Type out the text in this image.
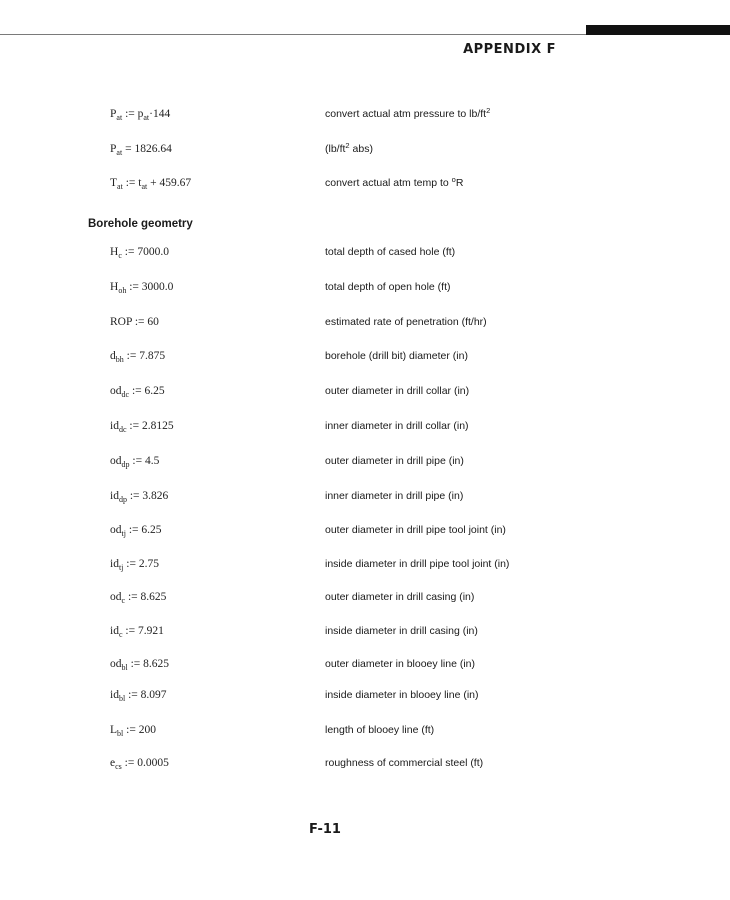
APPENDIX F
$P_{at}$ := $p_{at}\cdot 144$	convert actual atm pressure to $lb/ft^2$
$P_{at} = 1826.64$	($lb/ft^2$ abs)
$T_{at}$ := $t_{at} + 459.67$	convert actual atm temp to $^o$R
Borehole geometry
$H_c$ := 7000.0	total depth of cased hole (ft)
$H_{oh}$ := 3000.0	total depth of open hole (ft)
ROP := 60	estimated rate of penetration (ft/hr)
$d_{bh}$ := 7.875	borehole (drill bit) diameter (in)
$od_{dc}$ := 6.25	outer diameter in drill collar (in)
$id_{dc}$ := 2.8125	inner diameter in drill collar (in)
$od_{dp}$ := 4.5	outer diameter in drill pipe (in)
$id_{dp}$ := 3.826	inner diameter in drill pipe (in)
$od_{tj}$ := 6.25	outer diameter in drill pipe tool joint (in)
$id_{tj}$ := 2.75	inside diameter in drill pipe tool joint (in)
$od_c$ := 8.625	outer diameter in drill casing (in)
$id_c$ := 7.921	inside diameter in drill casing (in)
$od_{bl}$ := 8.625	outer diameter in blooey line (in)
$id_{bl}$ := 8.097	inside diameter in blooey line (in)
$L_{bl}$ := 200	length of blooey line (ft)
$e_{cs}$ := 0.0005	roughness of commercial steel (ft)
F-11
